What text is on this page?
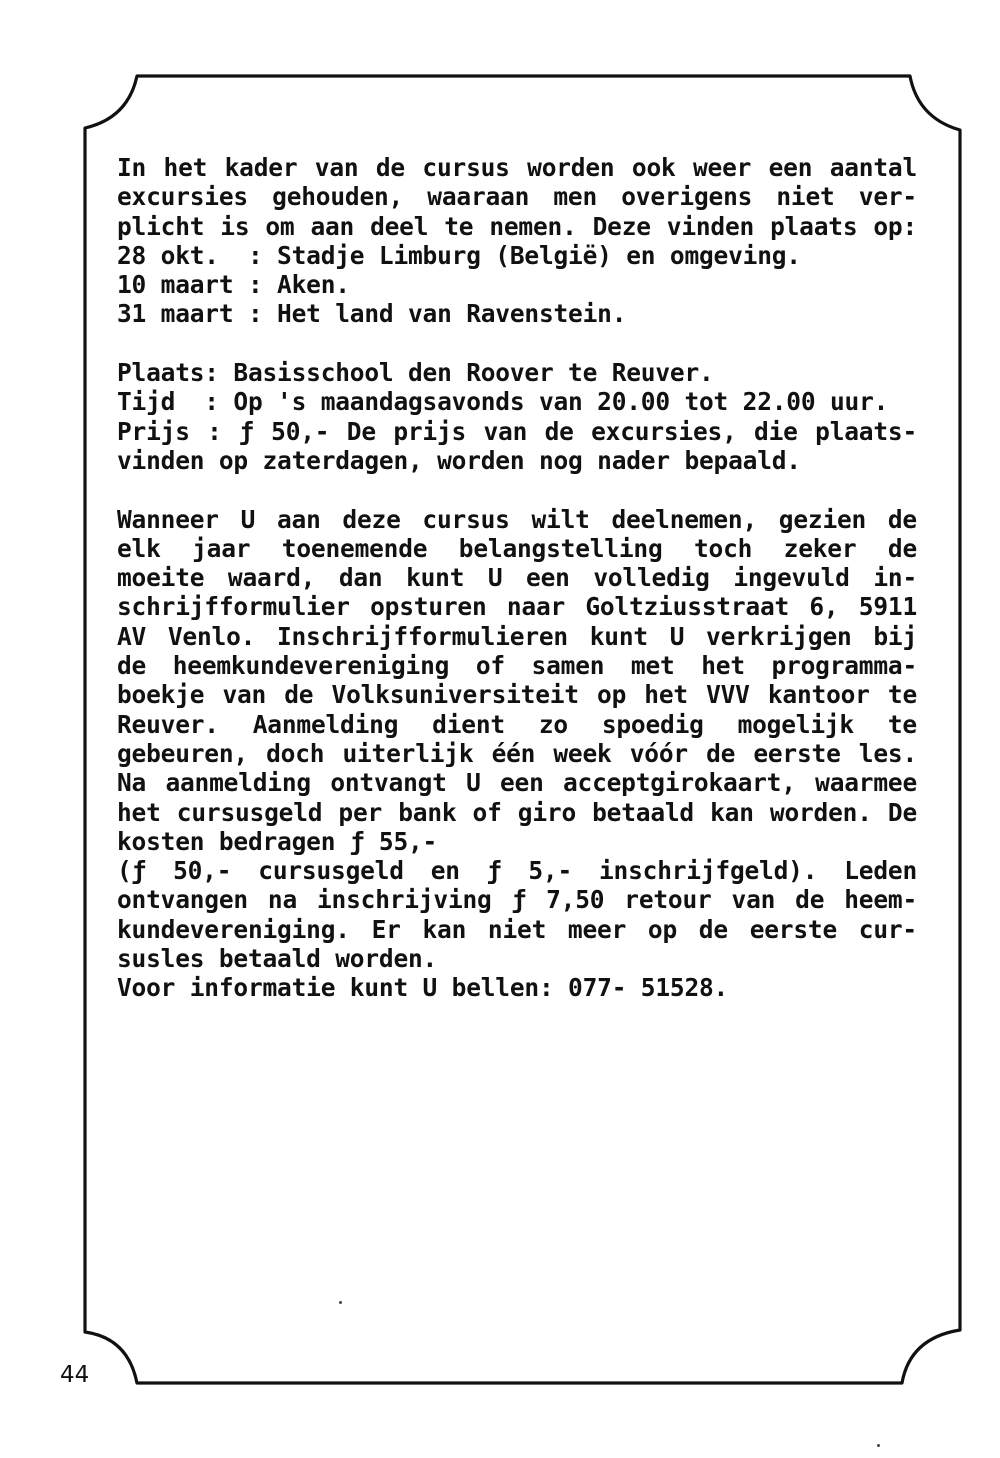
In het kader van de cursus worden ook weer een aantal
excursies gehouden, waaraan men overigens niet ver-
plicht is om aan deel te nemen. Deze vinden plaats op:
28 okt.  : Stadje Limburg (België) en omgeving.
10 maart : Aken.
31 maart : Het land van Ravenstein.
Plaats: Basisschool den Roover te Reuver.
Tijd  : Op 's maandagsavonds van 20.00 tot 22.00 uur.
Prijs : ƒ 50,- De prijs van de excursies, die plaats-
vinden op zaterdagen, worden nog nader bepaald.
Wanneer U aan deze cursus wilt deelnemen, gezien de
elk jaar toenemende belangstelling toch zeker de
moeite waard, dan kunt U een volledig ingevuld in-
schrijfformulier opsturen naar Goltziusstraat 6, 5911
AV Venlo. Inschrijfformulieren kunt U verkrijgen bij
de heemkundevereniging of samen met het programma-
boekje van de Volksuniversiteit op het VVV kantoor te
Reuver. Aanmelding dient zo spoedig mogelijk te
gebeuren, doch uiterlijk één week vóór de eerste les.
Na aanmelding ontvangt U een acceptgirokaart, waarmee
het cursusgeld per bank of giro betaald kan worden. De
kosten bedragen ƒ 55,-
(ƒ 50,- cursusgeld en ƒ 5,- inschrijfgeld). Leden
ontvangen na inschrijving ƒ 7,50 retour van de heem-
kundevereniging. Er kan niet meer op de eerste cur-
susles betaald worden.
Voor informatie kunt U bellen: 077- 51528.
44
